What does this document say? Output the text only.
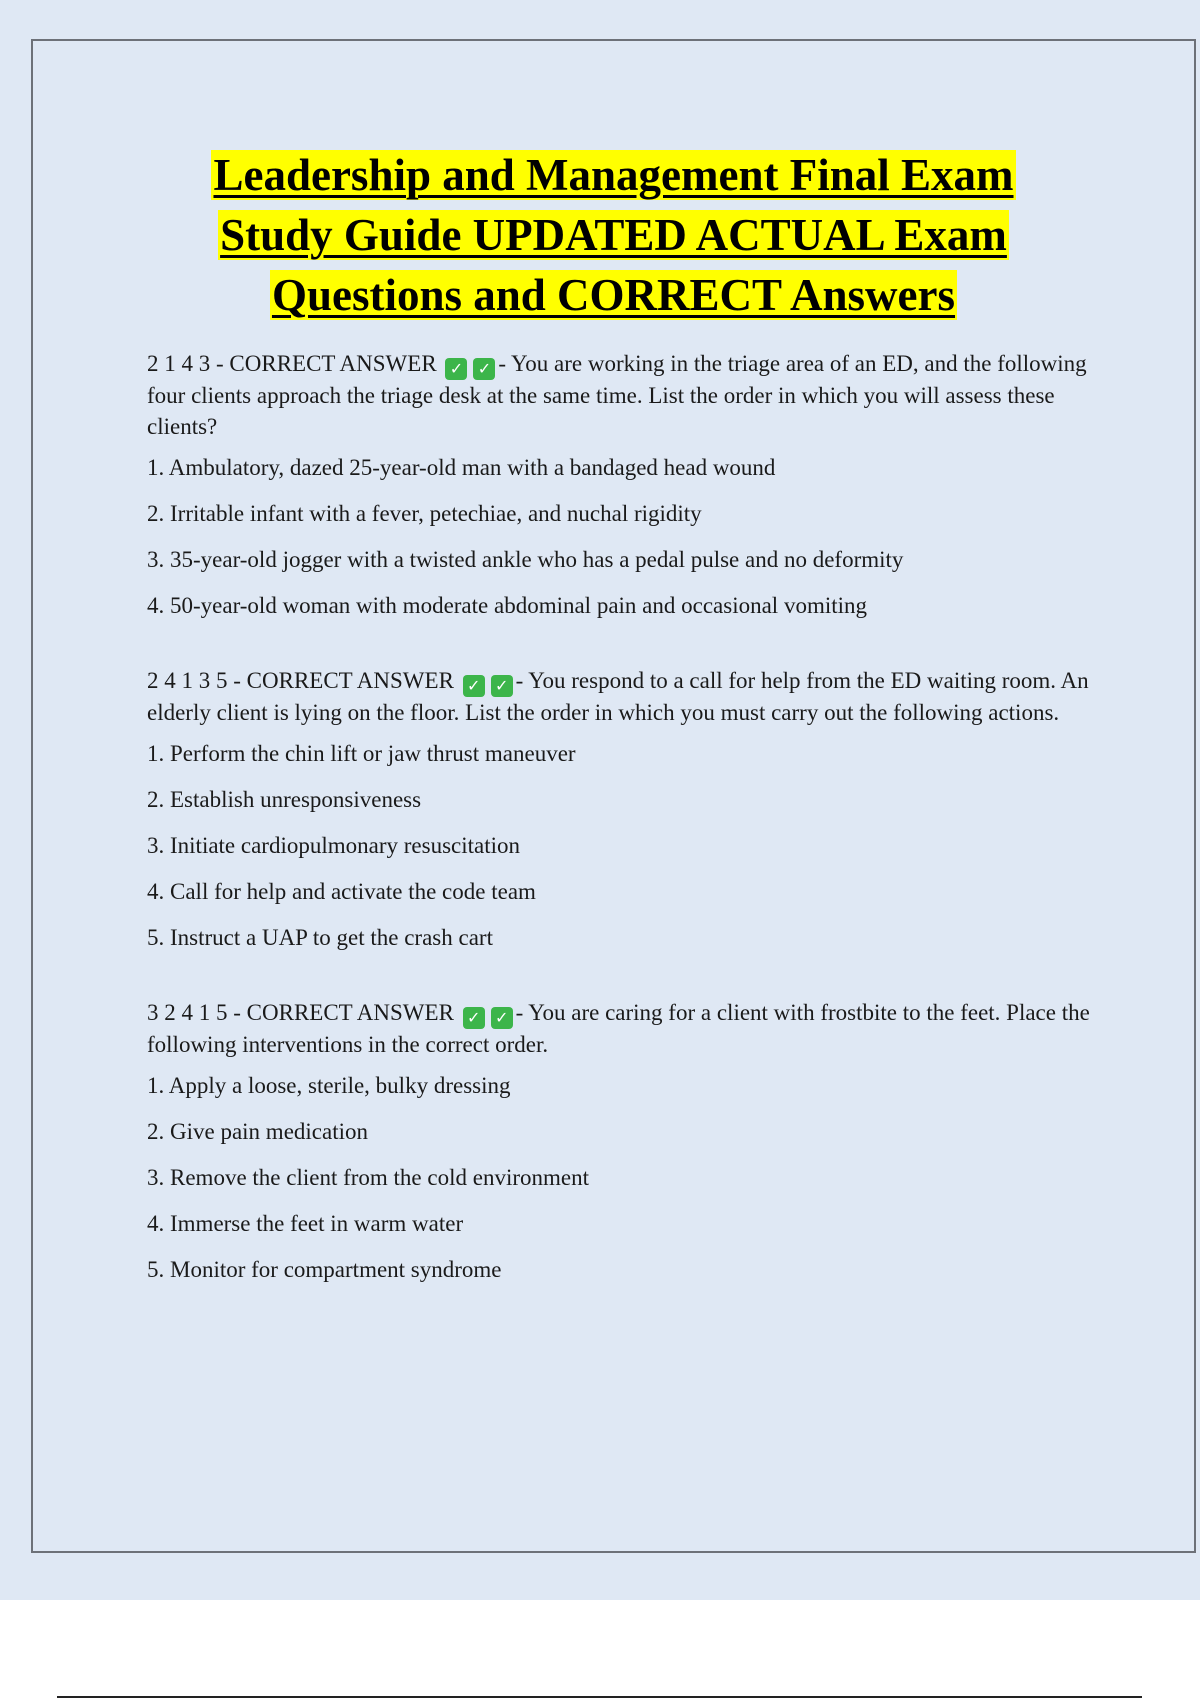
Leadership and Management Final Exam
Study Guide UPDATED ACTUAL Exam
Questions and CORRECT Answers

2 1 4 3 - CORRECT ANSWER ✓ ✓ - You are working in the triage area of an ED, and the following four clients approach the triage desk at the same time. List the order in which you will assess these clients?

1. Ambulatory, dazed 25-year-old man with a bandaged head wound

2. Irritable infant with a fever, petechiae, and nuchal rigidity

3. 35-year-old jogger with a twisted ankle who has a pedal pulse and no deformity

4. 50-year-old woman with moderate abdominal pain and occasional vomiting

2 4 1 3 5 - CORRECT ANSWER ✓ ✓ - You respond to a call for help from the ED waiting room. An elderly client is lying on the floor. List the order in which you must carry out the following actions.

1. Perform the chin lift or jaw thrust maneuver

2. Establish unresponsiveness

3. Initiate cardiopulmonary resuscitation

4. Call for help and activate the code team

5. Instruct a UAP to get the crash cart

3 2 4 1 5 - CORRECT ANSWER ✓ ✓ - You are caring for a client with frostbite to the feet. Place the following interventions in the correct order.

1. Apply a loose, sterile, bulky dressing

2. Give pain medication

3. Remove the client from the cold environment

4. Immerse the feet in warm water

5. Monitor for compartment syndrome
